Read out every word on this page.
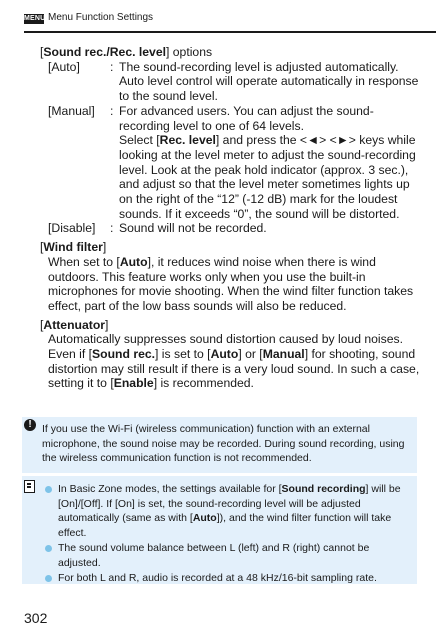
MENU Menu Function Settings
[Sound rec./Rec. level] options
[Auto]	: The sound-recording level is adjusted automatically. Auto level control will operate automatically in response to the sound level.
[Manual]	: For advanced users. You can adjust the sound-recording level to one of 64 levels.
Select [Rec. level] and press the <◄> <►> keys while looking at the level meter to adjust the sound-recording level. Look at the peak hold indicator (approx. 3 sec.), and adjust so that the level meter sometimes lights up on the right of the “12” (-12 dB) mark for the loudest sounds. If it exceeds “0”, the sound will be distorted.
[Disable]	: Sound will not be recorded.
[Wind filter]
When set to [Auto], it reduces wind noise when there is wind outdoors. This feature works only when you use the built-in microphones for movie shooting. When the wind filter function takes effect, part of the low bass sounds will also be reduced.
[Attenuator]
Automatically suppresses sound distortion caused by loud noises.
Even if [Sound rec.] is set to [Auto] or [Manual] for shooting, sound distortion may still result if there is a very loud sound. In such a case, setting it to [Enable] is recommended.
! If you use the Wi-Fi (wireless communication) function with an external microphone, the sound noise may be recorded. During sound recording, using the wireless communication function is not recommended.
In Basic Zone modes, the settings available for [Sound recording] will be [On]/[Off]. If [On] is set, the sound-recording level will be adjusted automatically (same as with [Auto]), and the wind filter function will take effect.
The sound volume balance between L (left) and R (right) cannot be adjusted.
For both L and R, audio is recorded at a 48 kHz/16-bit sampling rate.
302
